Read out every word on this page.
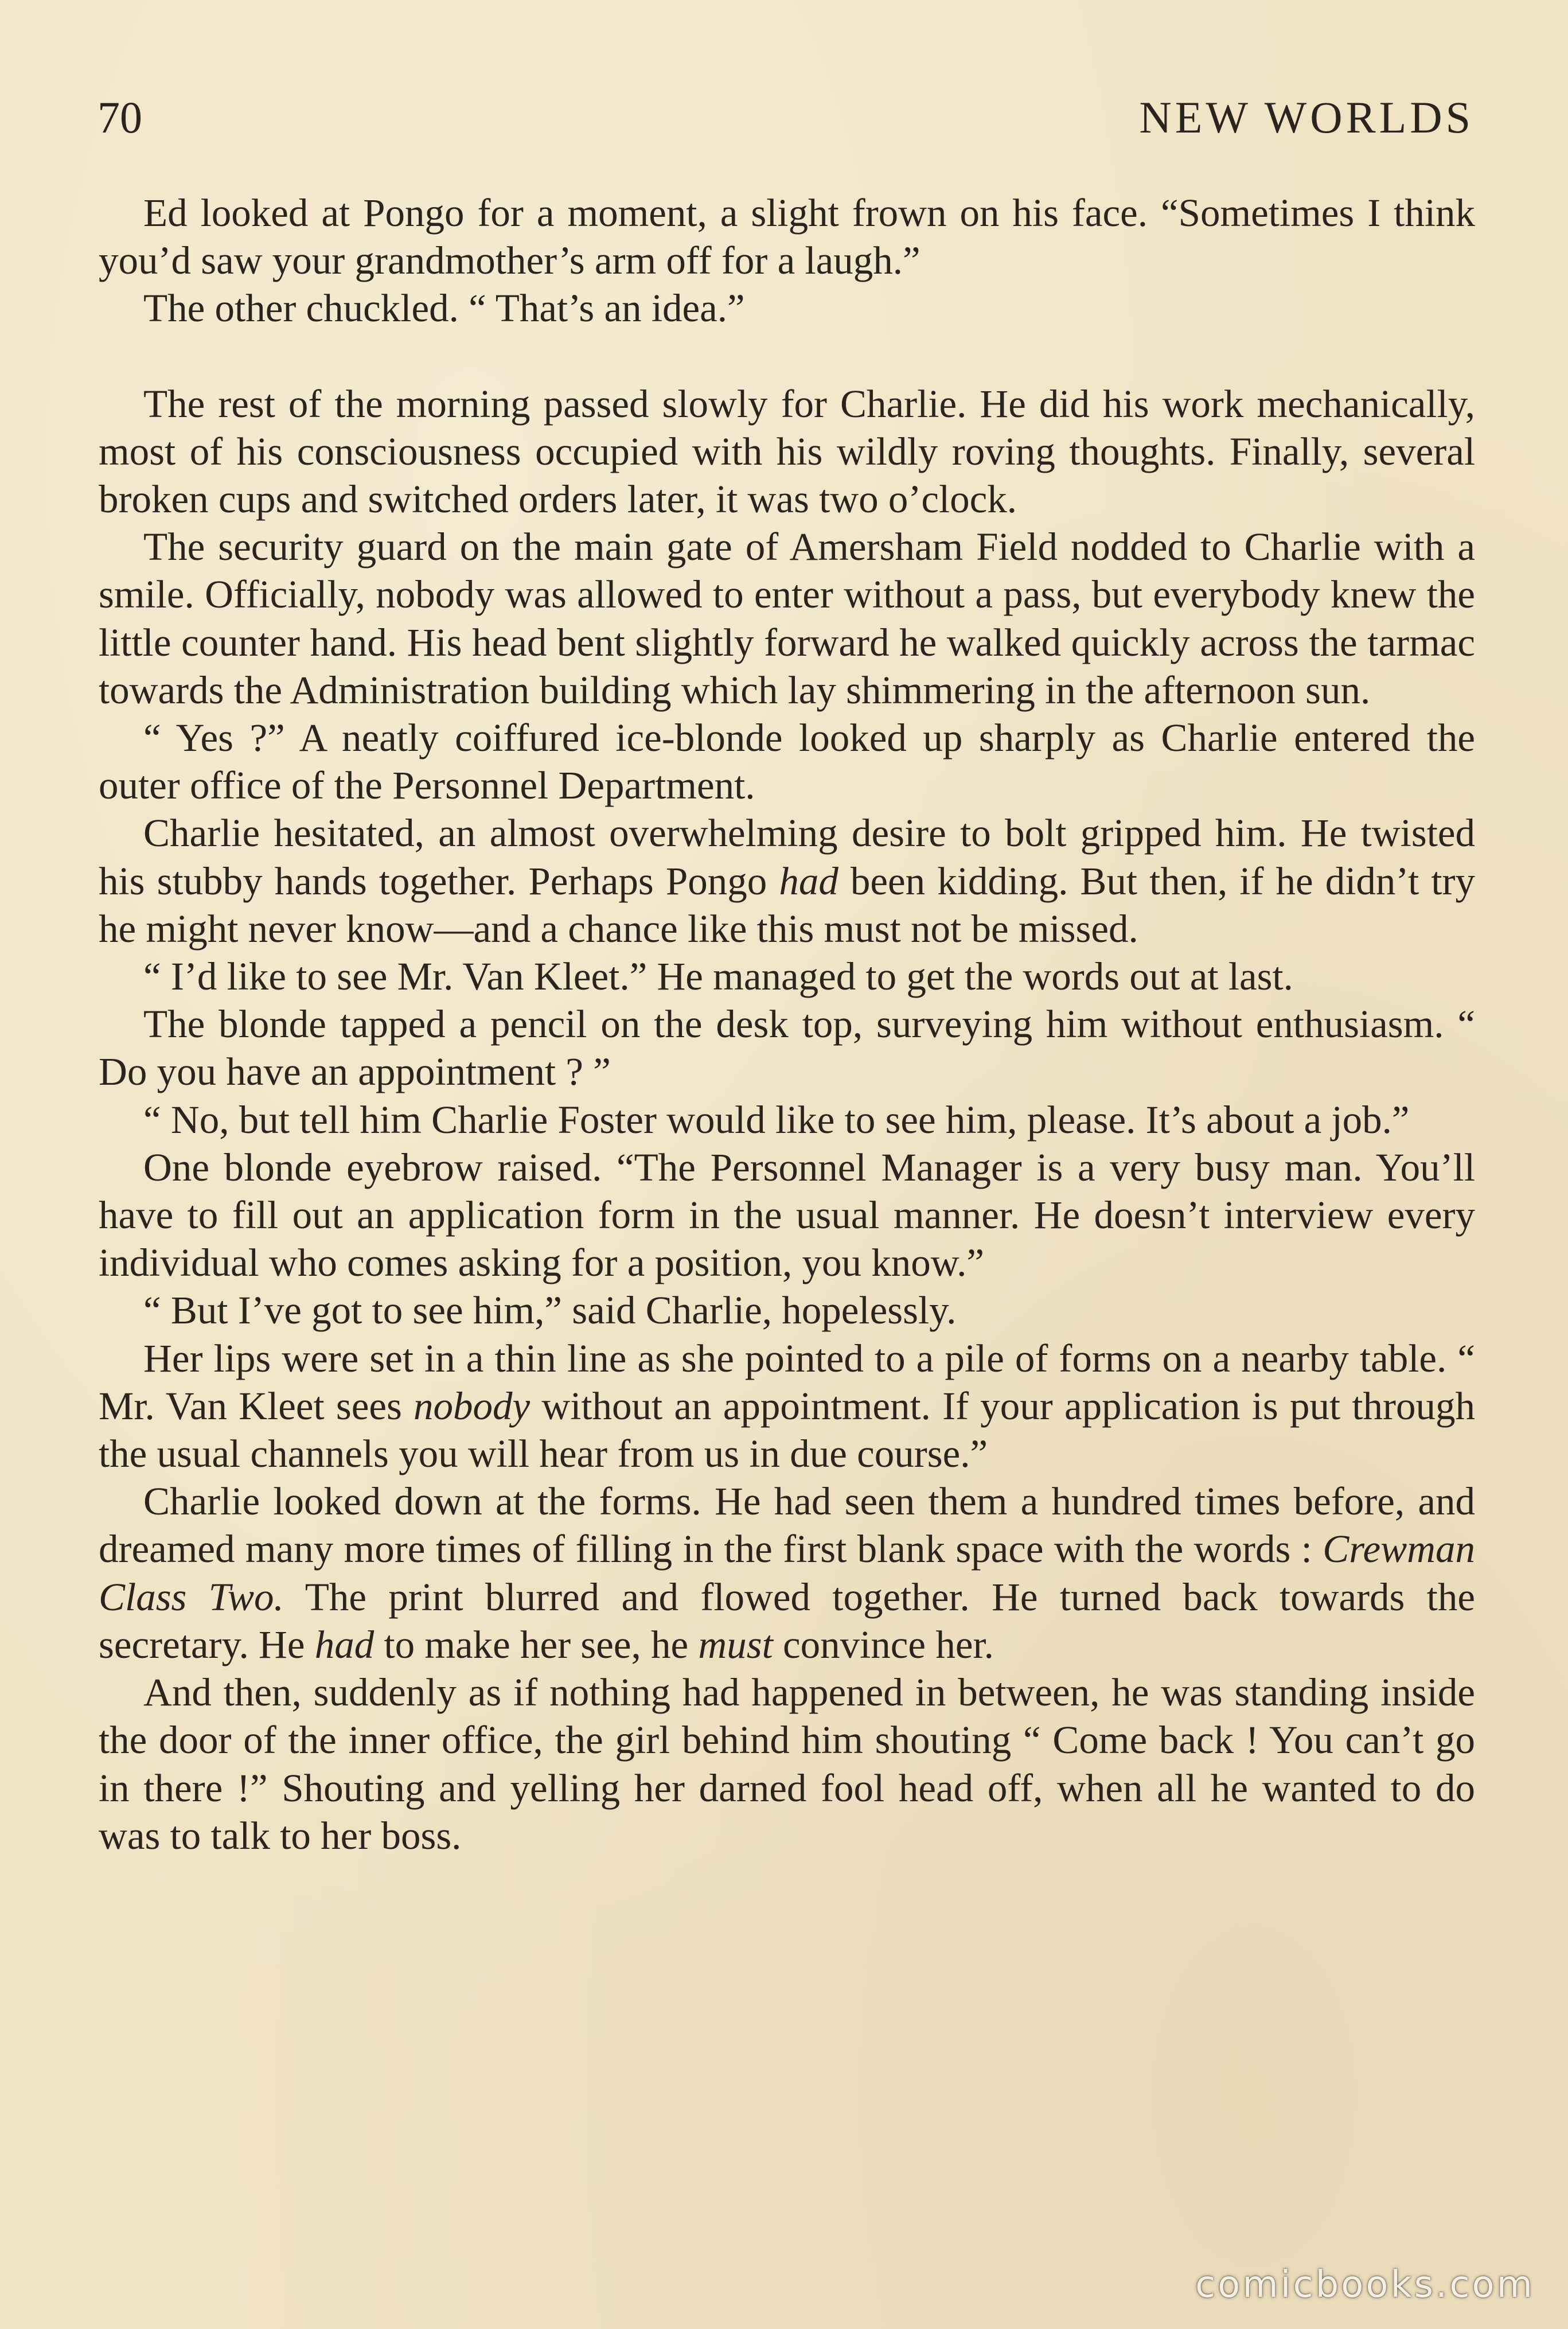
70	NEW WORLDS

Ed looked at Pongo for a moment, a slight frown on his face. “Sometimes I think you’d saw your grandmother’s arm off for a laugh.”

The other chuckled. “ That’s an idea.”

The rest of the morning passed slowly for Charlie. He did his work mechanically, most of his consciousness occupied with his wildly roving thoughts. Finally, several broken cups and switched orders later, it was two o’clock.

The security guard on the main gate of Amersham Field nodded to Charlie with a smile. Officially, nobody was allowed to enter without a pass, but everybody knew the little counter hand. His head bent slightly forward he walked quickly across the tarmac towards the Administration building which lay shimmering in the afternoon sun.

“ Yes ?” A neatly coiffured ice-blonde looked up sharply as Charlie entered the outer office of the Personnel Department.

Charlie hesitated, an almost overwhelming desire to bolt gripped him. He twisted his stubby hands together. Perhaps Pongo had been kidding. But then, if he didn’t try he might never know—and a chance like this must not be missed.

“ I’d like to see Mr. Van Kleet.” He managed to get the words out at last.

The blonde tapped a pencil on the desk top, surveying him without enthusiasm. “ Do you have an appointment ? ”

“ No, but tell him Charlie Foster would like to see him, please. It’s about a job.”

One blonde eyebrow raised. “The Personnel Manager is a very busy man. You’ll have to fill out an application form in the usual manner. He doesn’t interview every individual who comes asking for a position, you know.”

“ But I’ve got to see him,” said Charlie, hopelessly.

Her lips were set in a thin line as she pointed to a pile of forms on a nearby table. “ Mr. Van Kleet sees nobody without an appointment. If your application is put through the usual channels you will hear from us in due course.”

Charlie looked down at the forms. He had seen them a hundred times before, and dreamed many more times of filling in the first blank space with the words : Crewman Class Two. The print blurred and flowed together. He turned back towards the secretary. He had to make her see, he must convince her.

And then, suddenly as if nothing had happened in between, he was standing inside the door of the inner office, the girl behind him shouting “ Come back ! You can’t go in there !” Shouting and yelling her darned fool head off, when all he wanted to do was to talk to her boss.

comicbooks.com
